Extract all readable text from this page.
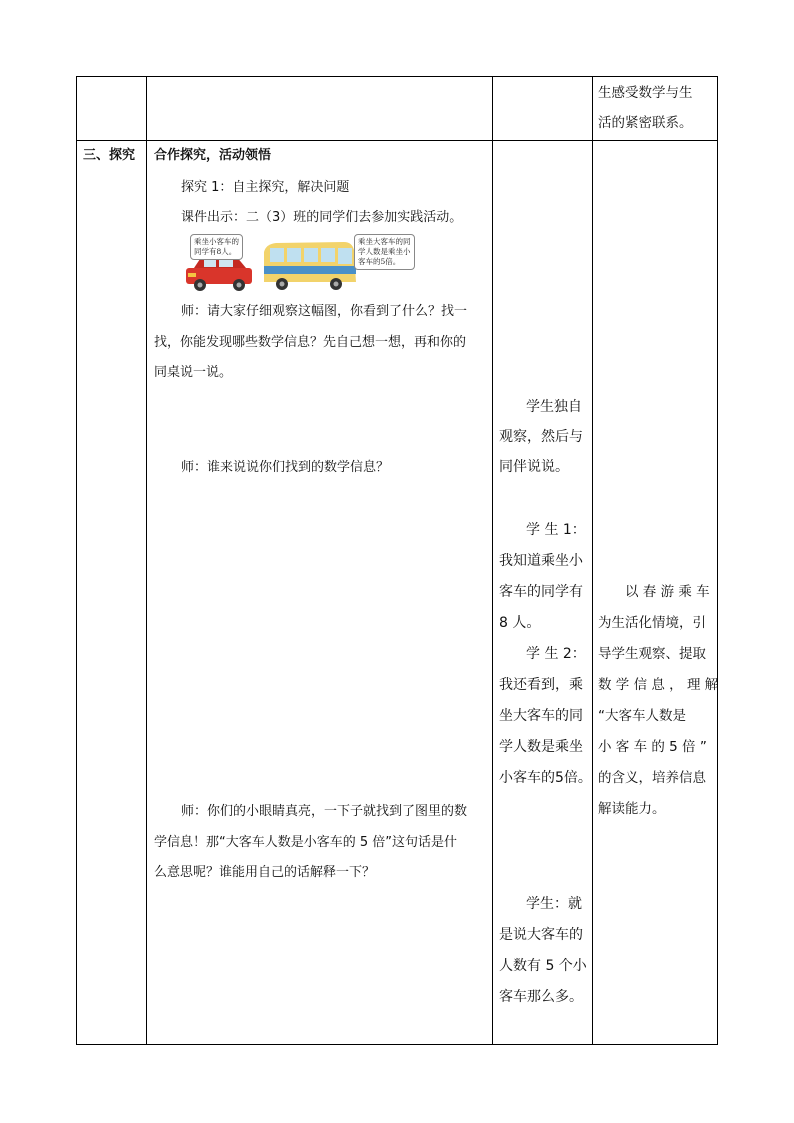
生感受数学与生
活的紧密联系。
三、探究 合作探究，活动领悟
探究 1：自主探究，解决问题
课件出示：二（3）班的同学们去参加实践活动。
乘坐小客车的
同学有8人。
乘坐大客车的同
学人数是乘坐小
客车的5倍。
师：请大家仔细观察这幅图，你看到了什么？找一
找，你能发现哪些数学信息？先自己想一想，再和你的
同桌说一说。
师：谁来说说你们找到的数学信息？
师：你们的小眼睛真亮，一下子就找到了图里的数
学信息！那“大客车人数是小客车的 5 倍”这句话是什
么意思呢？谁能用自己的话解释一下？
学生独自
观察，然后与
同伴说说。
学 生 1：
我知道乘坐小
客车的同学有
8 人。
学 生 2：
我还看到，乘
坐大客车的同
学人数是乘坐
小客车的5倍。
学生：就
是说大客车的
人数有 5 个小
客车那么多。
以 春 游 乘 车
为生活化情境，引
导学生观察、提取
数 学 信 息 ， 理 解
“大客车人数是
小 客 车 的 5 倍 ”
的含义，培养信息
解读能力。
